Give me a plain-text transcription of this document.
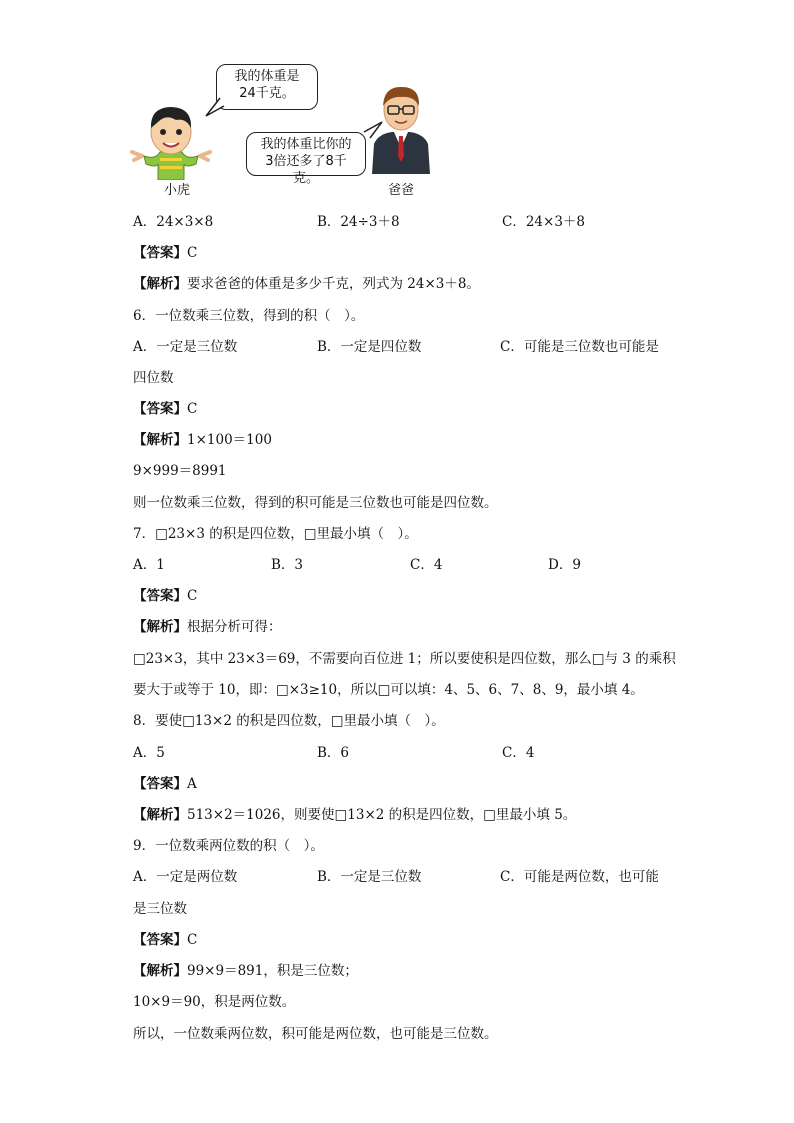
我的体重是
24千克。
我的体重比你的
3倍还多了8千克。
小虎	爸爸
A．24×3×8	B．24÷3＋8	C．24×3＋8
【答案】C
【解析】要求爸爸的体重是多少千克，列式为 24×3＋8。
6．一位数乘三位数，得到的积（　）。
A．一定是三位数	B．一定是四位数	C．可能是三位数也可能是
四位数
【答案】C
【解析】1×100＝100
9×999＝8991
则一位数乘三位数，得到的积可能是三位数也可能是四位数。
7．□23×3 的积是四位数，□里最小填（　）。
A．1	B．3	C．4	D．9
【答案】C
【解析】根据分析可得：
□23×3，其中 23×3＝69，不需要向百位进 1；所以要使积是四位数，那么□与 3 的乘积
要大于或等于 10，即：□×3≥10，所以□可以填：4、5、6、7、8、9，最小填 4。
8．要使□13×2 的积是四位数，□里最小填（　）。
A．5	B．6	C．4
【答案】A
【解析】513×2＝1026，则要使□13×2 的积是四位数，□里最小填 5。
9．一位数乘两位数的积（　）。
A．一定是两位数	B．一定是三位数	C．可能是两位数，也可能
是三位数
【答案】C
【解析】99×9＝891，积是三位数；
10×9＝90，积是两位数。
所以，一位数乘两位数，积可能是两位数，也可能是三位数。
